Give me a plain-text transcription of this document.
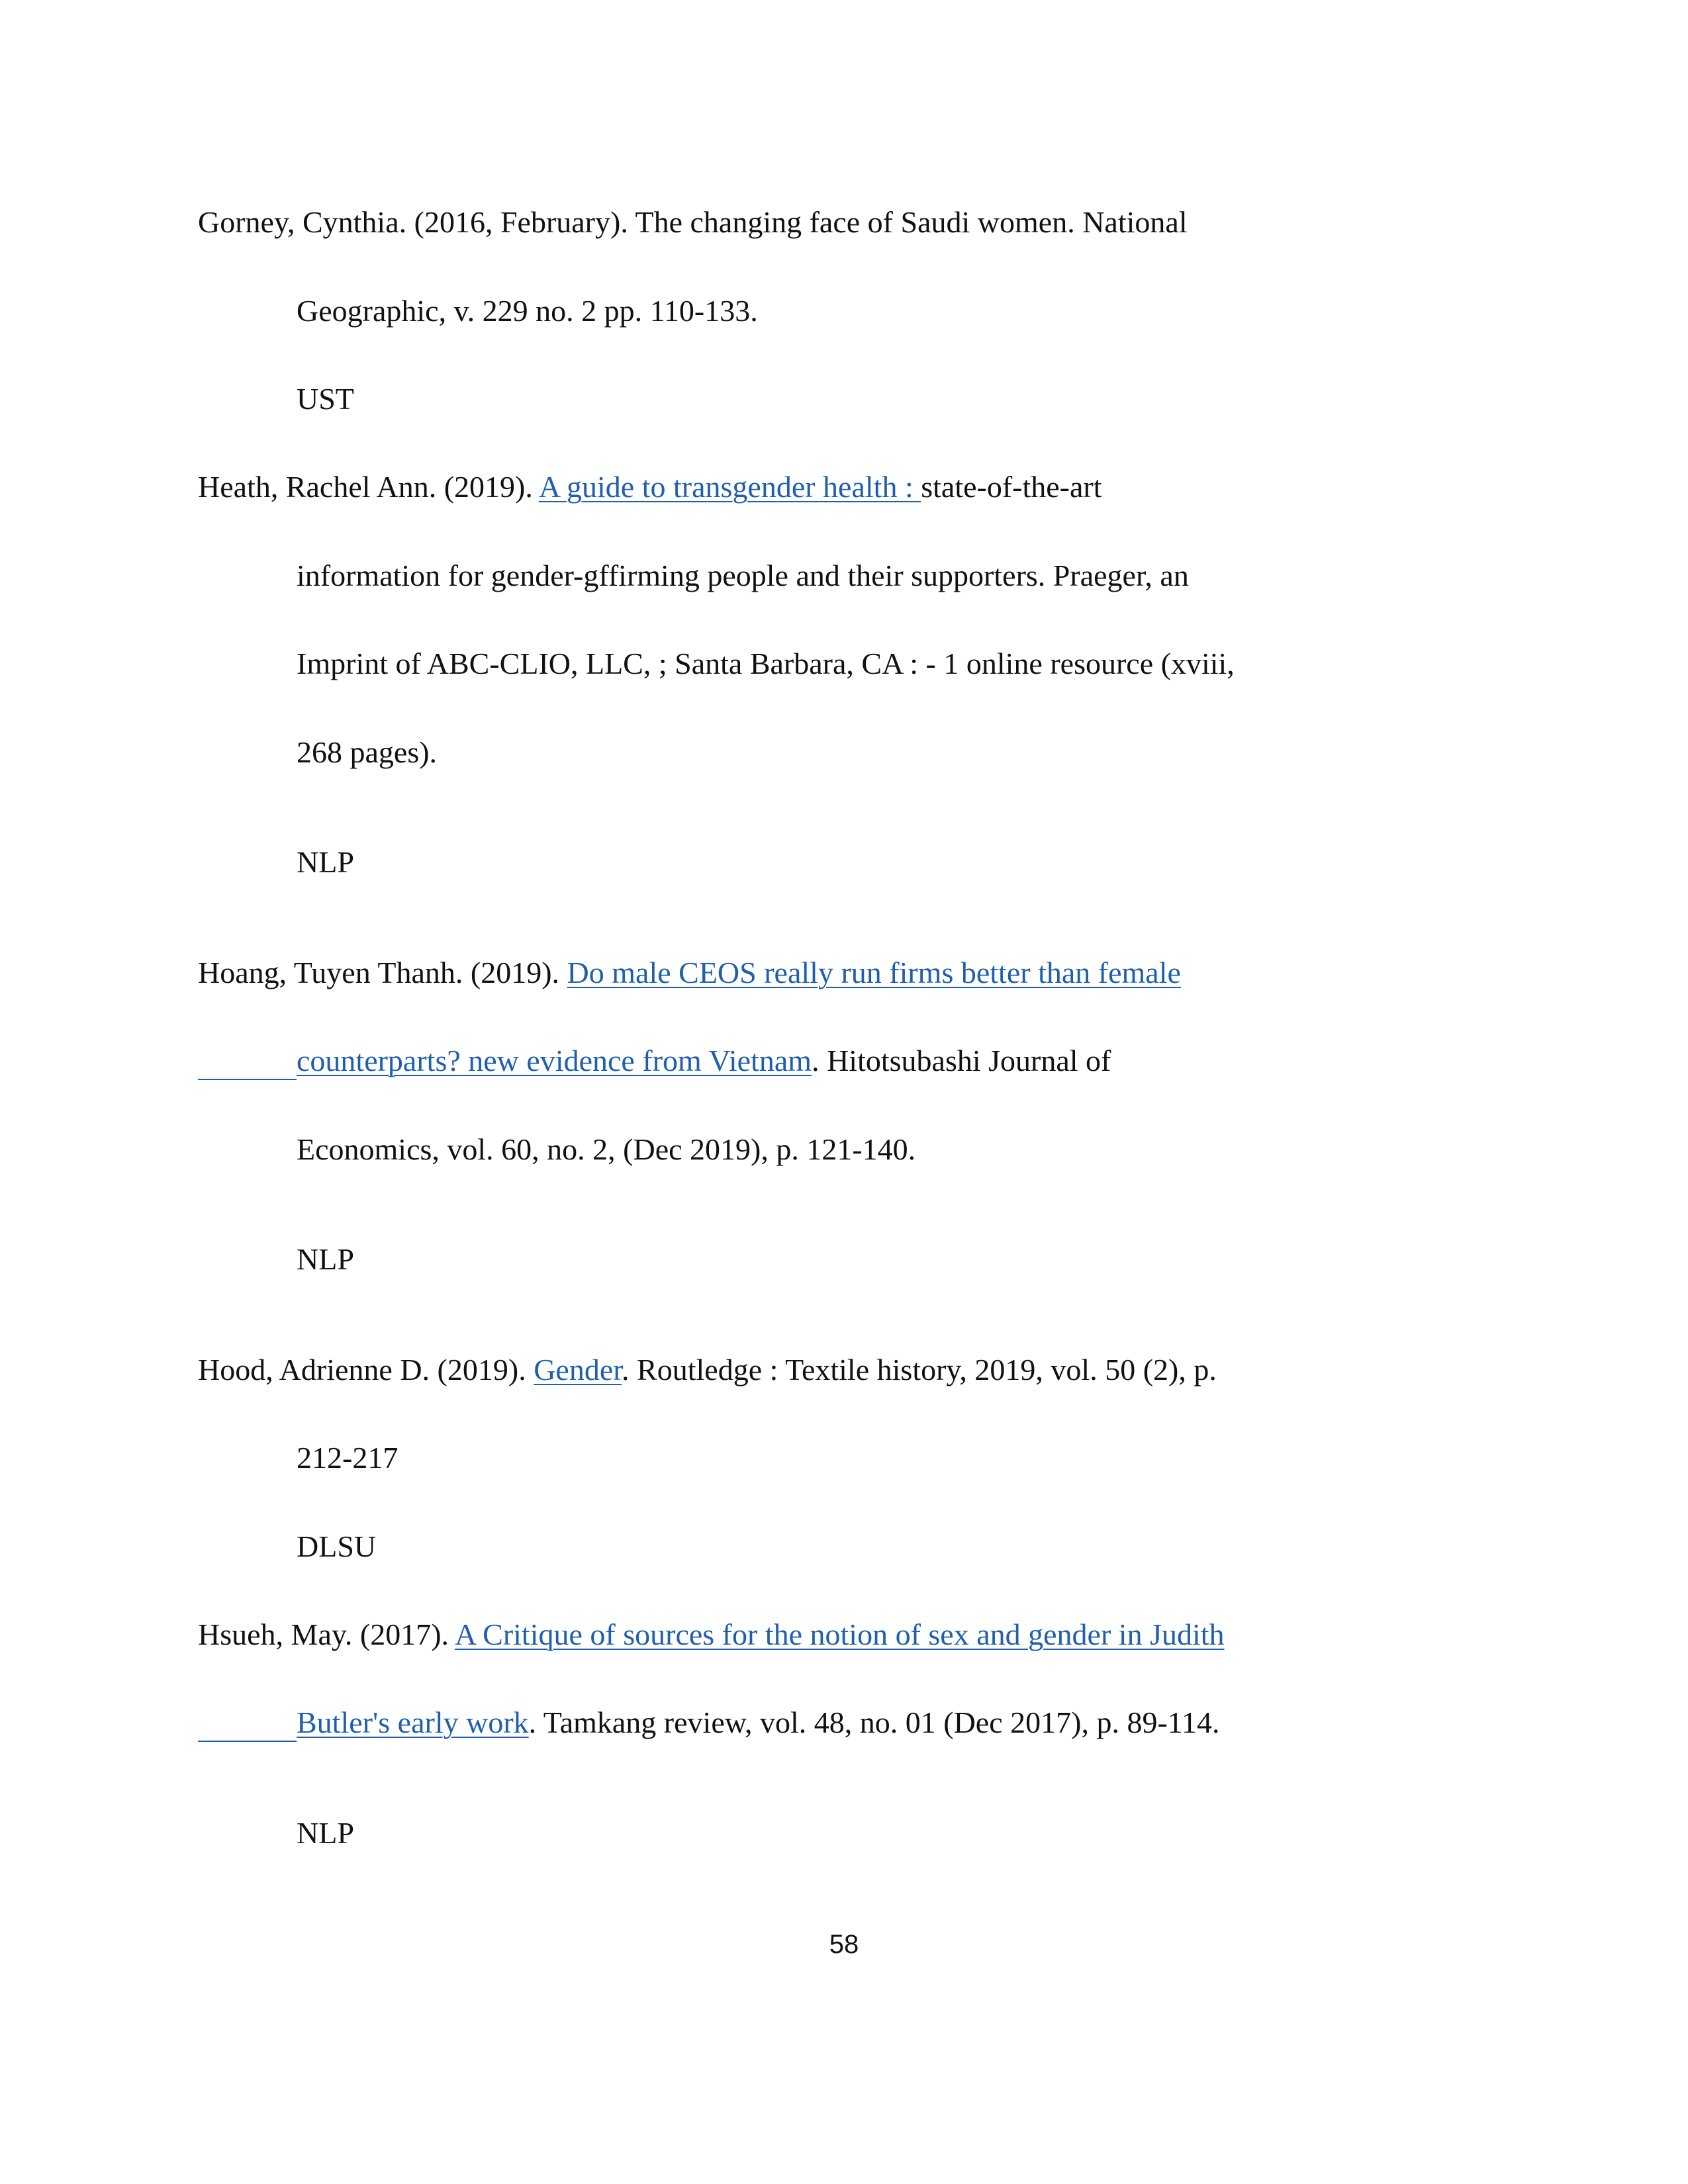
Gorney, Cynthia. (2016, February). The changing face of Saudi women. National
Geographic, v. 229 no. 2 pp. 110-133.
UST
Heath, Rachel Ann. (2019). A guide to transgender health : state-of-the-art
information for gender-gffirming people and their supporters. Praeger, an
Imprint of ABC-CLIO, LLC, ; Santa Barbara, CA : - 1 online resource (xviii,
268 pages).
NLP
Hoang, Tuyen Thanh. (2019). Do male CEOS really run firms better than female
counterparts? new evidence from Vietnam. Hitotsubashi Journal of
Economics, vol. 60, no. 2, (Dec 2019), p. 121-140.
NLP
Hood, Adrienne D. (2019). Gender. Routledge : Textile history, 2019, vol. 50 (2), p.
212-217
DLSU
Hsueh, May. (2017). A Critique of sources for the notion of sex and gender in Judith
Butler's early work. Tamkang review, vol. 48, no. 01 (Dec 2017), p. 89-114.
NLP
58
